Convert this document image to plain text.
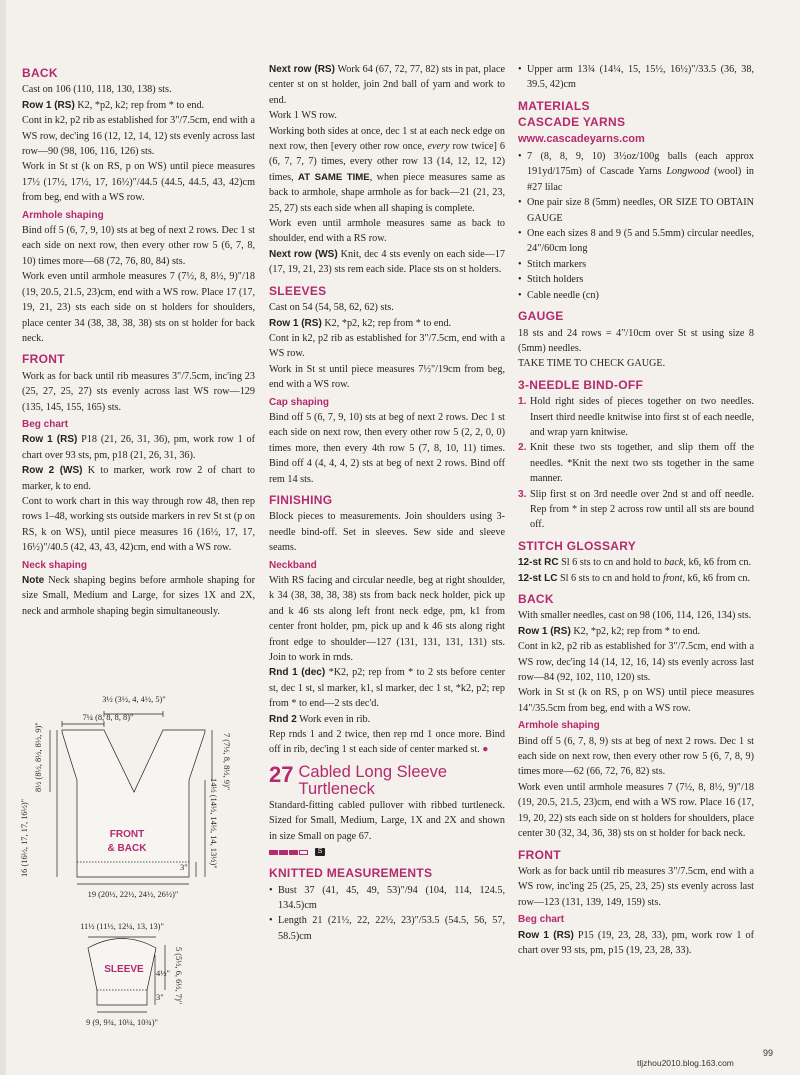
BACK

Cast on 106 (110, 118, 130, 138) sts.

Row 1 (RS) K2, *p2, k2; rep from * to end.

Cont in k2, p2 rib as established for 3"/7.5cm, end with a WS row, dec'ing 16 (12, 12, 14, 12) sts evenly across last row—90 (98, 106, 116, 126) sts.

Work in St st (k on RS, p on WS) until piece measures 17½ (17½, 17½, 17, 16½)"/44.5 (44.5, 44.5, 43, 42)cm from beg, end with a WS row.

Armhole shaping

Bind off 5 (6, 7, 9, 10) sts at beg of next 2 rows. Dec 1 st each side on next row, then every other row 5 (6, 7, 8, 10) times more—68 (72, 76, 80, 84) sts.

Work even until armhole measures 7 (7½, 8, 8½, 9)"/18 (19, 20.5, 21.5, 23)cm, end with a WS row. Place 17 (17, 19, 21, 23) sts each side on st holders for shoulders, place center 34 (38, 38, 38, 38) sts on st holder for back neck.

FRONT

Work as for back until rib measures 3"/7.5cm, inc'ing 23 (25, 27, 25, 27) sts evenly across last WS row—129 (135, 145, 155, 165) sts.

Beg chart

Row 1 (RS) P18 (21, 26, 31, 36), pm, work row 1 of chart over 93 sts, pm, p18 (21, 26, 31, 36).

Row 2 (WS) K to marker, work row 2 of chart to marker, k to end.

Cont to work chart in this way through row 48, then rep rows 1–48, working sts outside markers in rev St st (p on RS, k on WS), until piece measures 16 (16½, 17, 17, 16½)"/40.5 (42, 43, 43, 42)cm, end with a WS row.

Neck shaping

Note Neck shaping begins before armhole shaping for size Small, Medium and Large, for sizes 1X and 2X, neck and armhole shaping begin simultaneously.

3½ (3½, 4, 4½, 5)"
7¼ (8, 8, 8, 8)"
8½ (8½, 8½, 8½, 9)"
16 (16½, 17, 17, 16½)"
7 (7½, 8, 8½, 9)"
14½ (14½, 14½, 14, 13½)"
3"
19 (20½, 22½, 24½, 26½)"
11½ (11½, 12¼, 13, 13)"
5 (5½, 6, 6½, 7)"
4½"
3"
9 (9, 9¾, 10¼, 10¾)"
FRONT
& BACK
SLEEVE

Next row (RS) Work 64 (67, 72, 77, 82) sts in pat, place center st on st holder, join 2nd ball of yarn and work to end.

Work 1 WS row.

Working both sides at once, dec 1 st at each neck edge on next row, then [every other row once, every row twice] 6 (6, 7, 7, 7) times, every other row 13 (14, 12, 12, 12) times, AT SAME TIME, when piece measures same as back to armhole, shape armhole as for back—21 (21, 23, 25, 27) sts each side when all shaping is complete.

Work even until armhole measures same as back to shoulder, end with a RS row.

Next row (WS) Knit, dec 4 sts evenly on each side—17 (17, 19, 21, 23) sts rem each side. Place sts on st holders.

SLEEVES

Cast on 54 (54, 58, 62, 62) sts.

Row 1 (RS) K2, *p2, k2; rep from * to end.

Cont in k2, p2 rib as established for 3"/7.5cm, end with a WS row.

Work in St st until piece measures 7½"/19cm from beg, end with a WS row.

Cap shaping

Bind off 5 (6, 7, 9, 10) sts at beg of next 2 rows. Dec 1 st each side on next row, then every other row 5 (2, 2, 0, 0) times more, then every 4th row 5 (7, 8, 10, 11) times. Bind off 4 (4, 4, 4, 2) sts at beg of next 2 rows. Bind off rem 14 sts.

FINISHING

Block pieces to measurements. Join shoulders using 3-needle bind-off. Set in sleeves. Sew side and sleeve seams.

Neckband

With RS facing and circular needle, beg at right shoulder, k 34 (38, 38, 38, 38) sts from back neck holder, pick up and k 46 sts along left front neck edge, pm, k1 from center front holder, pm, pick up and k 46 sts along right front edge to shoulder—127 (131, 131, 131, 131) sts. Join to work in rnds.

Rnd 1 (dec) *K2, p2; rep from * to 2 sts before center st, dec 1 st, sl marker, k1, sl marker, dec 1 st, *k2, p2; rep from * to end—2 sts dec'd.

Rnd 2 Work even in rib.

Rep rnds 1 and 2 twice, then rep rnd 1 once more. Bind off in rib, dec'ing 1 st each side of center marked st. ●

27 Cabled Long Sleeve
Turtleneck

Standard-fitting cabled pullover with ribbed turtleneck. Sized for Small, Medium, Large, 1X and 2X and shown in size Small on page 67.

S
KNITTED MEASUREMENTS
• Bust 37 (41, 45, 49, 53)"/94 (104, 114, 124.5, 134.5)cm
• Length 21 (21½, 22, 22½, 23)"/53.5 (54.5, 56, 57, 58.5)cm
• Upper arm 13¾ (14¼, 15, 15½, 16½)"/33.5 (36, 38, 39.5, 42)cm
MATERIALS
CASCADE YARNS
www.cascadeyarns.com
• 7 (8, 8, 9, 10) 3½oz/100g balls (each approx 191yd/175m) of Cascade Yarns Longwood (wool) in #27 lilac
• One pair size 8 (5mm) needles, OR SIZE TO OBTAIN GAUGE
• One each sizes 8 and 9 (5 and 5.5mm) circular needles, 24"/60cm long
• Stitch markers
• Stitch holders
• Cable needle (cn)
GAUGE

18 sts and 24 rows = 4"/10cm over St st using size 8 (5mm) needles.

TAKE TIME TO CHECK GAUGE.

3-NEEDLE BIND-OFF
1. Hold right sides of pieces together on two needles. Insert third needle knitwise into first st of each needle, and wrap yarn knitwise.
2. Knit these two sts together, and slip them off the needles. *Knit the next two sts together in the same manner.
3. Slip first st on 3rd needle over 2nd st and off needle. Rep from * in step 2 across row until all sts are bound off.
STITCH GLOSSARY

12-st RC Sl 6 sts to cn and hold to back, k6, k6 from cn.

12-st LC Sl 6 sts to cn and hold to front, k6, k6 from cn.

BACK

With smaller needles, cast on 98 (106, 114, 126, 134) sts.

Row 1 (RS) K2, *p2, k2; rep from * to end.

Cont in k2, p2 rib as established for 3"/7.5cm, end with a WS row, dec'ing 14 (14, 12, 16, 14) sts evenly across last row—84 (92, 102, 110, 120) sts.

Work in St st (k on RS, p on WS) until piece measures 14"/35.5cm from beg, end with a WS row.

Armhole shaping

Bind off 5 (6, 7, 8, 9) sts at beg of next 2 rows. Dec 1 st each side on next row, then every other row 5 (6, 7, 8, 9) times more—62 (66, 72, 76, 82) sts.

Work even until armhole measures 7 (7½, 8, 8½, 9)"/18 (19, 20.5, 21.5, 23)cm, end with a WS row. Place 16 (17, 19, 20, 22) sts each side on st holders for shoulders, place center 30 (32, 34, 36, 38) sts on st holder for back neck.

FRONT

Work as for back until rib measures 3"/7.5cm, end with a WS row, inc'ing 25 (25, 25, 23, 25) sts evenly across last row—123 (131, 139, 149, 159) sts.

Beg chart

Row 1 (RS) P15 (19, 23, 28, 33), pm, work row 1 of chart over 93 sts, pm, p15 (19, 23, 28, 33).

99
tljzhou2010.blog.163.com
